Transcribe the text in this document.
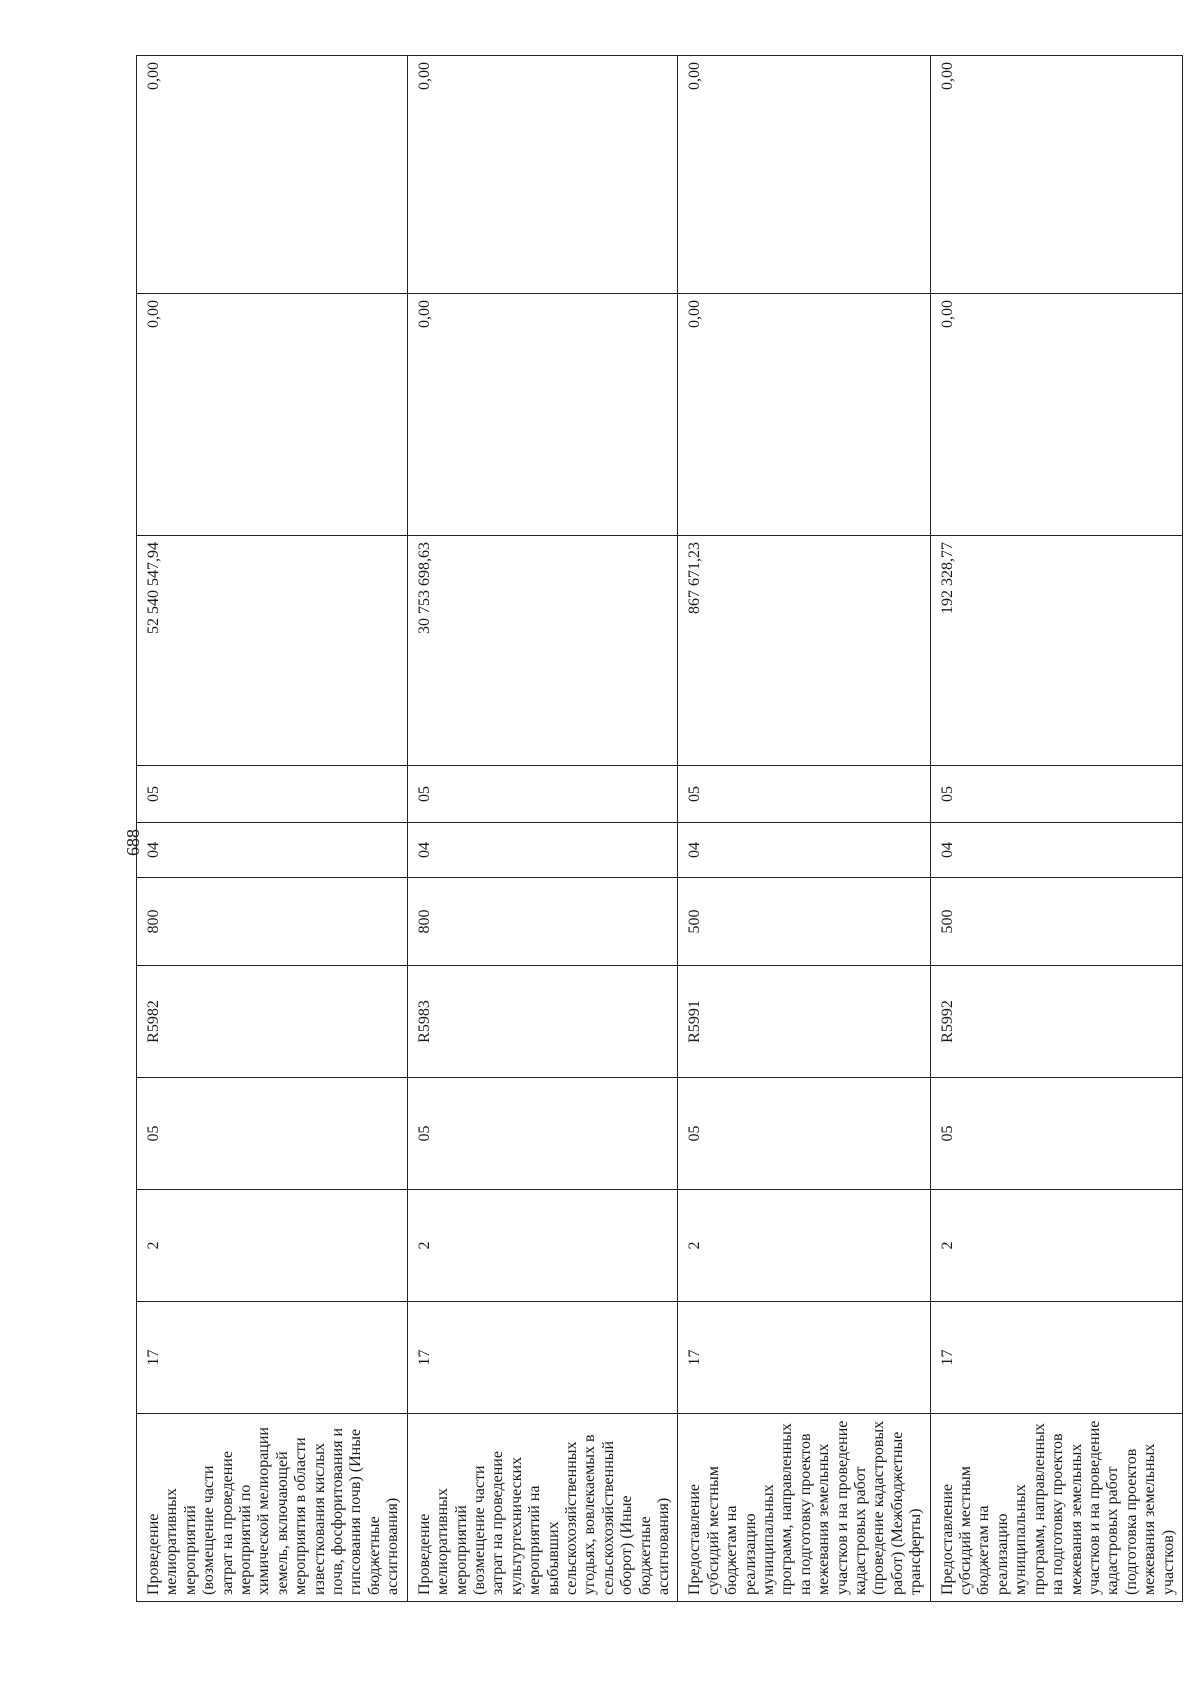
688
Проведение мелиоративных мероприятий (возмещение части затрат на проведение мероприятий по химической мелиорации земель, включающей мероприятия в области известкования кислых почв, фосфоритования и гипсования почв) (Иные бюджетные ассигнования)	17	2	05	R5982	800	04	05	52 540 547,94	0,00	0,00
Проведение мелиоративных мероприятий (возмещение части затрат на проведение культуртехнических мероприятий на выбывших сельскохозяйственных угодьях, вовлекаемых в сельскохозяйственный оборот) (Иные бюджетные ассигнования)	17	2	05	R5983	800	04	05	30 753 698,63	0,00	0,00
Предоставление субсидий местным бюджетам на реализацию муниципальных программ, направленных на подготовку проектов межевания земельных участков и на проведение кадастровых работ (проведение кадастровых работ) (Межбюджетные трансферты)	17	2	05	R5991	500	04	05	867 671,23	0,00	0,00
Предоставление субсидий местным бюджетам на реализацию муниципальных программ, направленных на подготовку проектов межевания земельных участков и на проведение кадастровых работ (подготовка проектов межевания земельных участков)	17	2	05	R5992	500	04	05	192 328,77	0,00	0,00
